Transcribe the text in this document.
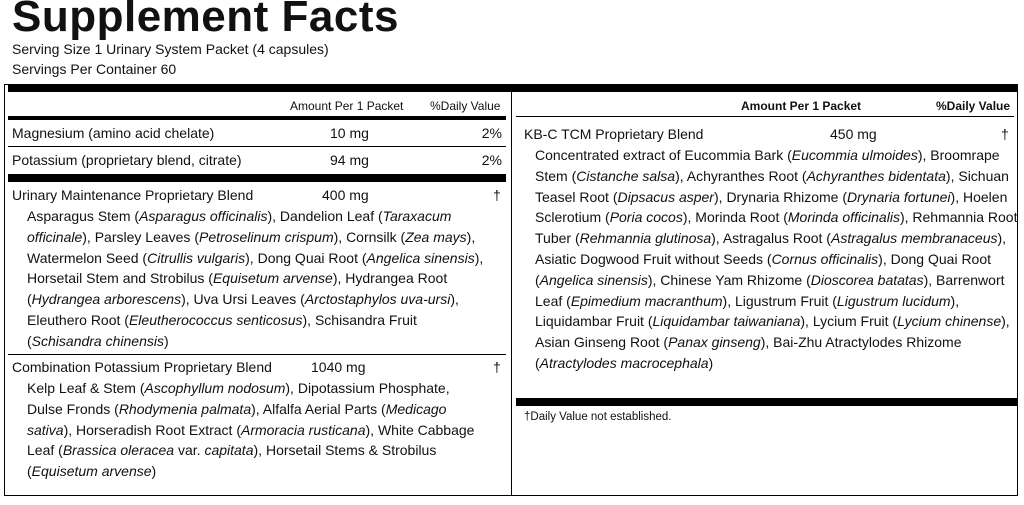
Supplement Facts
Serving Size 1 Urinary System Packet (4 capsules)
Servings Per Container 60
Amount Per 1 Packet %Daily Value
Magnesium (amino acid chelate)	10 mg	2%
Potassium (proprietary blend, citrate)	94 mg	2%
Urinary Maintenance Proprietary Blend	400 mg	†
Asparagus Stem (Asparagus officinalis), Dandelion Leaf (Taraxacum officinale), Parsley Leaves (Petroselinum crispum), Cornsilk (Zea mays), Watermelon Seed (Citrullis vulgaris), Dong Quai Root (Angelica sinensis), Horsetail Stem and Strobilus (Equisetum arvense), Hydrangea Root (Hydrangea arborescens), Uva Ursi Leaves (Arctostaphylos uva-ursi), Eleuthero Root (Eleutherococcus senticosus), Schisandra Fruit (Schisandra chinensis)
Combination Potassium Proprietary Blend	1040 mg	†
Kelp Leaf & Stem (Ascophyllum nodosum), Dipotassium Phosphate, Dulse Fronds (Rhodymenia palmata), Alfalfa Aerial Parts (Medicago sativa), Horseradish Root Extract (Armoracia rusticana), White Cabbage Leaf (Brassica oleracea var. capitata), Horsetail Stems & Strobilus (Equisetum arvense)
Amount Per 1 Packet	%Daily Value
KB-C TCM Proprietary Blend	450 mg	†
Concentrated extract of Eucommia Bark (Eucommia ulmoides), Broomrape Stem (Cistanche salsa), Achyranthes Root (Achyranthes bidentata), Sichuan Teasel Root (Dipsacus asper), Drynaria Rhizome (Drynaria fortunei), Hoelen Sclerotium (Poria cocos), Morinda Root (Morinda officinalis), Rehmannia Root Tuber (Rehmannia glutinosa), Astragalus Root (Astragalus membranaceus), Asiatic Dogwood Fruit without Seeds (Cornus officinalis), Dong Quai Root (Angelica sinensis), Chinese Yam Rhizome (Dioscorea batatas), Barrenwort Leaf (Epimedium macranthum), Ligustrum Fruit (Ligustrum lucidum), Liquidambar Fruit (Liquidambar taiwaniana), Lycium Fruit (Lycium chinense), Asian Ginseng Root (Panax ginseng), Bai-Zhu Atractylodes Rhizome (Atractylodes macrocephala)
†Daily Value not established.
